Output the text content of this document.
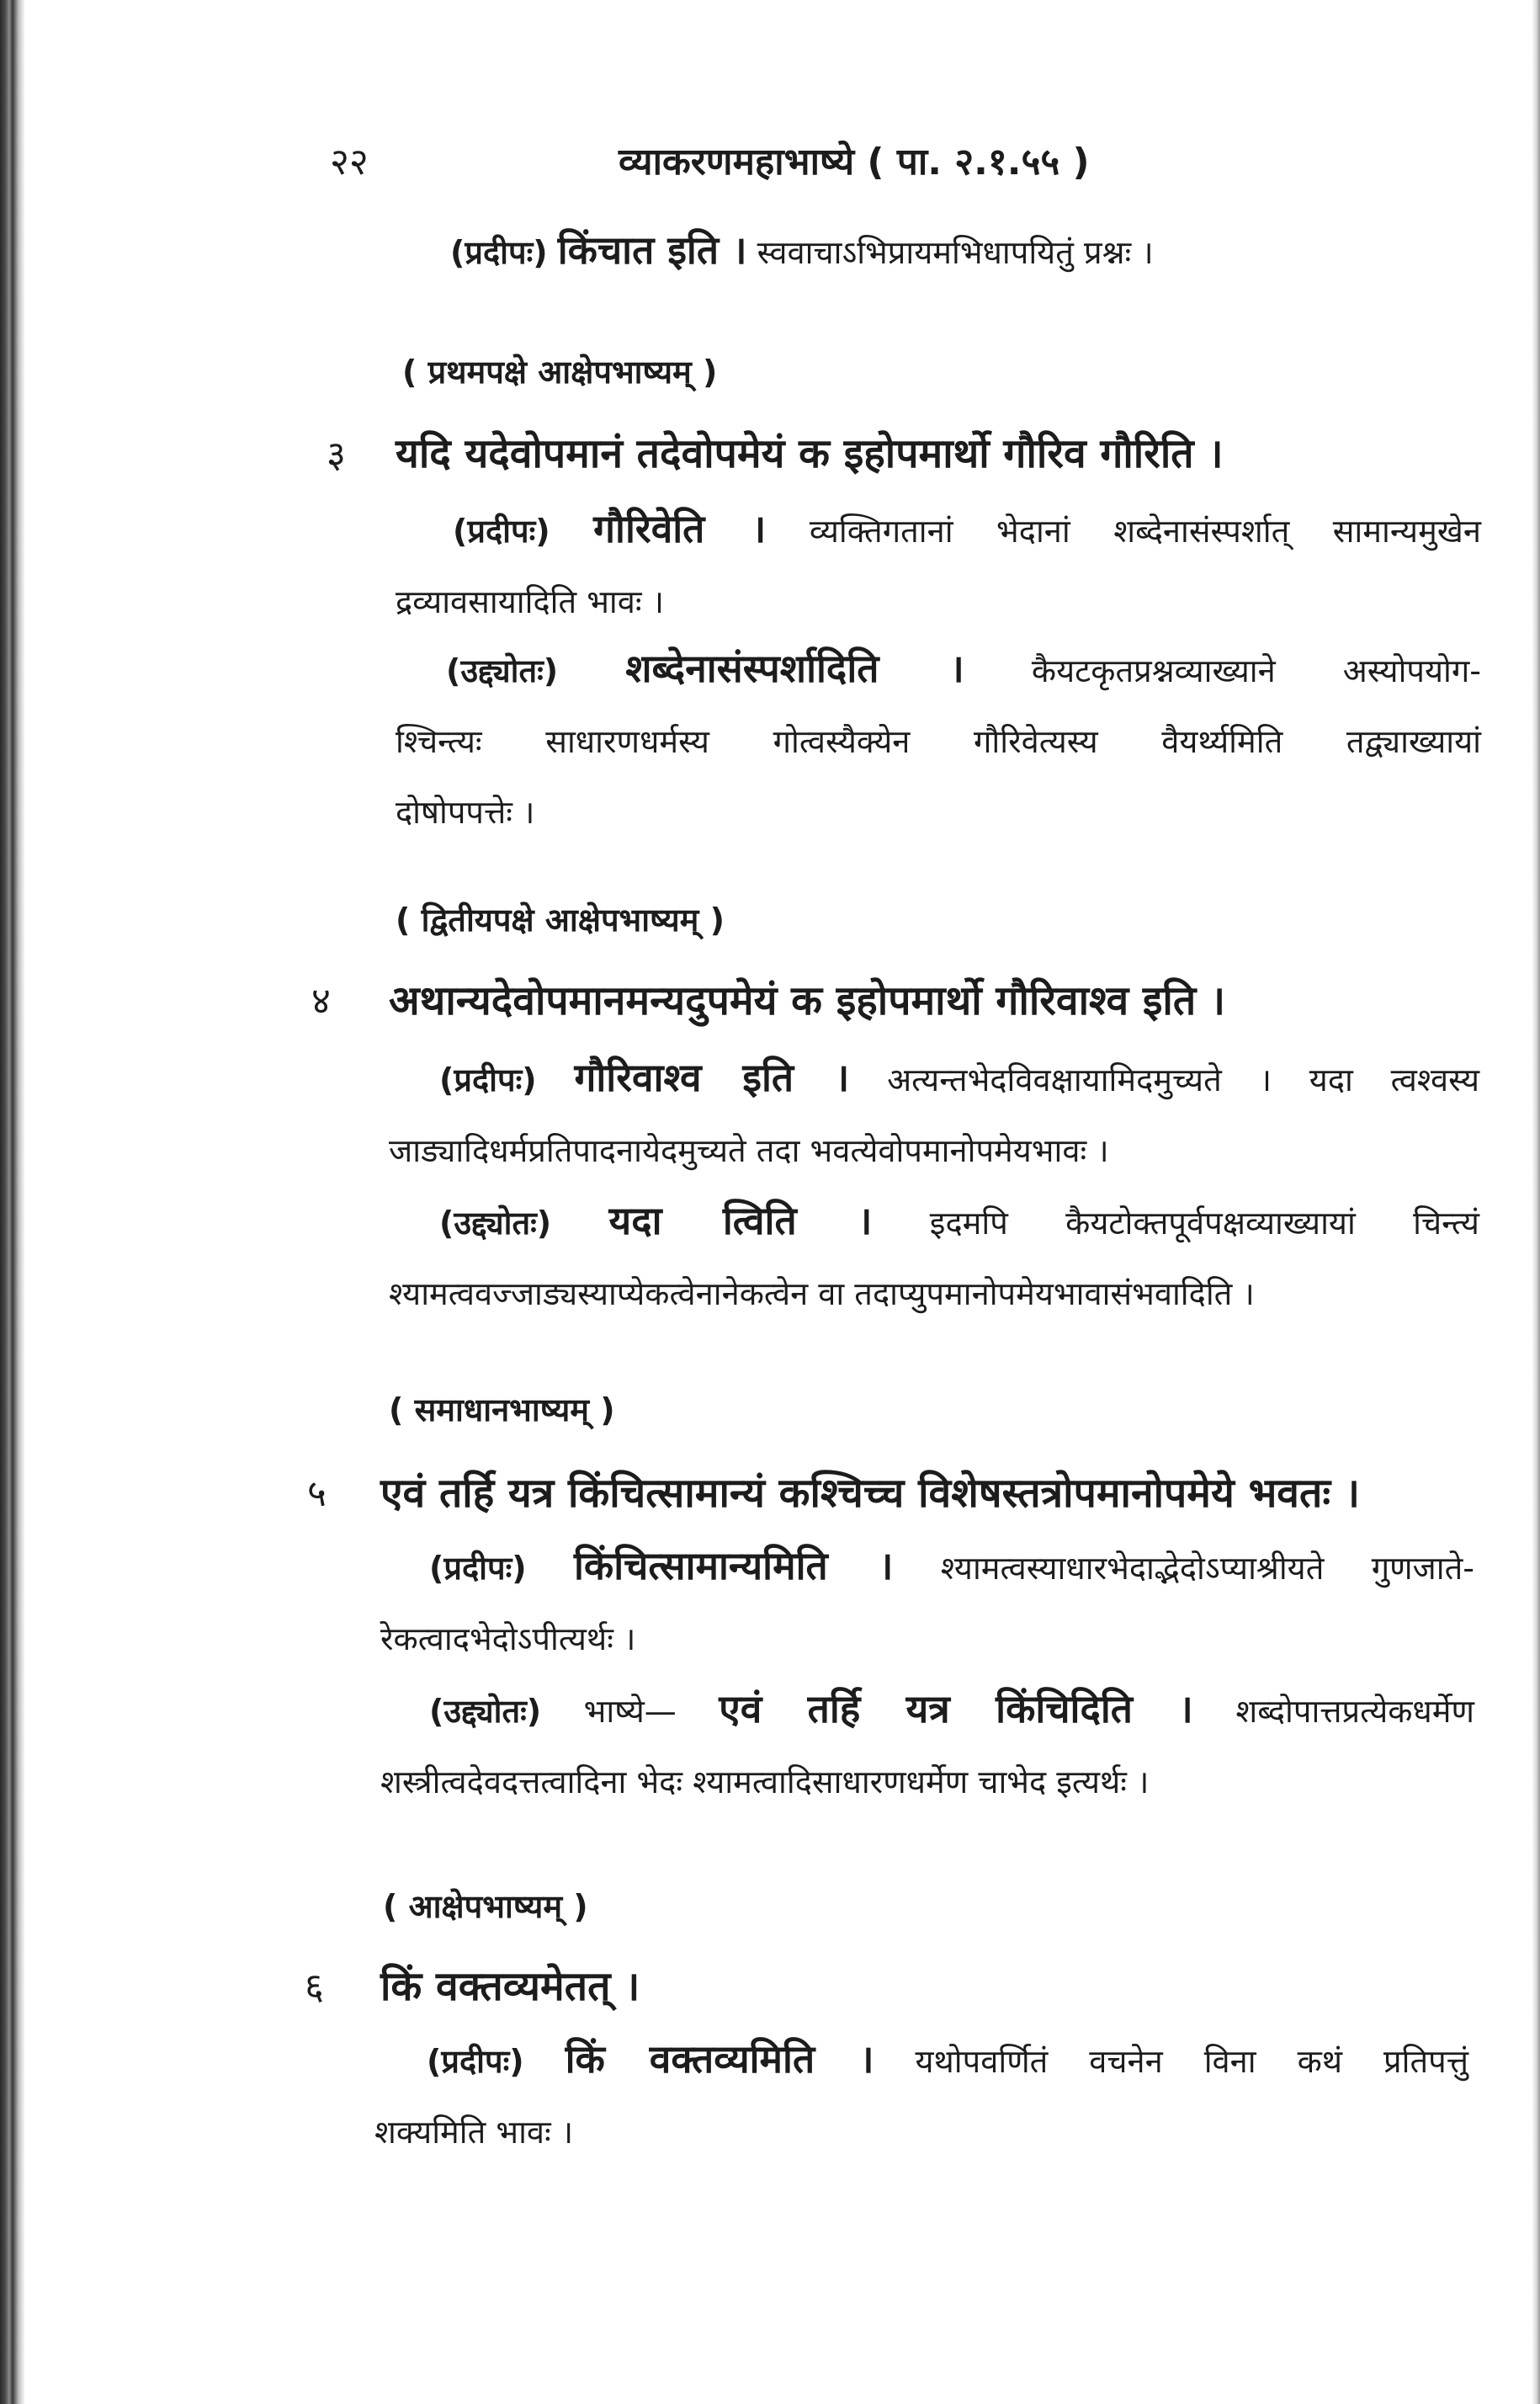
२२	व्याकरणमहाभाष्ये ( पा. २.१.५५ )
(प्रदीपः) किंचात इति । स्ववाचाऽभिप्रायमभिधापयितुं प्रश्नः ।
( प्रथमपक्षे आक्षेपभाष्यम् )
३ यदि यदेवोपमानं तदेवोपमेयं क इहोपमार्थो गौरिव गौरिति ।
(प्रदीपः) गौरिवेति । व्यक्तिगतानां भेदानां शब्देनासंस्पर्शात् सामान्यमुखेन
द्रव्यावसायादिति भावः ।
(उद्द्योतः) शब्देनासंस्पर्शादिति । कैयटकृतप्रश्नव्याख्याने अस्योपयोग-
श्चिन्त्यः साधारणधर्मस्य गोत्वस्यैक्येन गौरिवेत्यस्य वैयर्थ्यमिति तद्व्याख्यायां
दोषोपपत्तेः ।
( द्वितीयपक्षे आक्षेपभाष्यम् )
४ अथान्यदेवोपमानमन्यदुपमेयं क इहोपमार्थो गौरिवाश्व इति ।
(प्रदीपः) गौरिवाश्व इति । अत्यन्तभेदविवक्षायामिदमुच्यते । यदा त्वश्वस्य
जाड्यादिधर्मप्रतिपादनायेदमुच्यते तदा भवत्येवोपमानोपमेयभावः ।
(उद्द्योतः) यदा त्विति । इदमपि कैयटोक्तपूर्वपक्षव्याख्यायां चिन्त्यं
श्यामत्ववज्जाड्यस्याप्येकत्वेनानेकत्वेन वा तदाप्युपमानोपमेयभावासंभवादिति ।
( समाधानभाष्यम् )
५ एवं तर्हि यत्र किंचित्सामान्यं कश्चिच्च विशेषस्तत्रोपमानोपमेये भवतः ।
(प्रदीपः) किंचित्सामान्यमिति । श्यामत्वस्याधारभेदाद्भेदोऽप्याश्रीयते गुणजाते-
रेकत्वादभेदोऽपीत्यर्थः ।
(उद्द्योतः) भाष्ये— एवं तर्हि यत्र किंचिदिति । शब्दोपात्तप्रत्येकधर्मेण
शस्त्रीत्वदेवदत्तत्वादिना भेदः श्यामत्वादिसाधारणधर्मेण चाभेद इत्यर्थः ।
( आक्षेपभाष्यम् )
६ किं वक्तव्यमेतत् ।
(प्रदीपः) किं वक्तव्यमिति । यथोपवर्णितं वचनेन विना कथं प्रतिपत्तुं
शक्यमिति भावः ।
